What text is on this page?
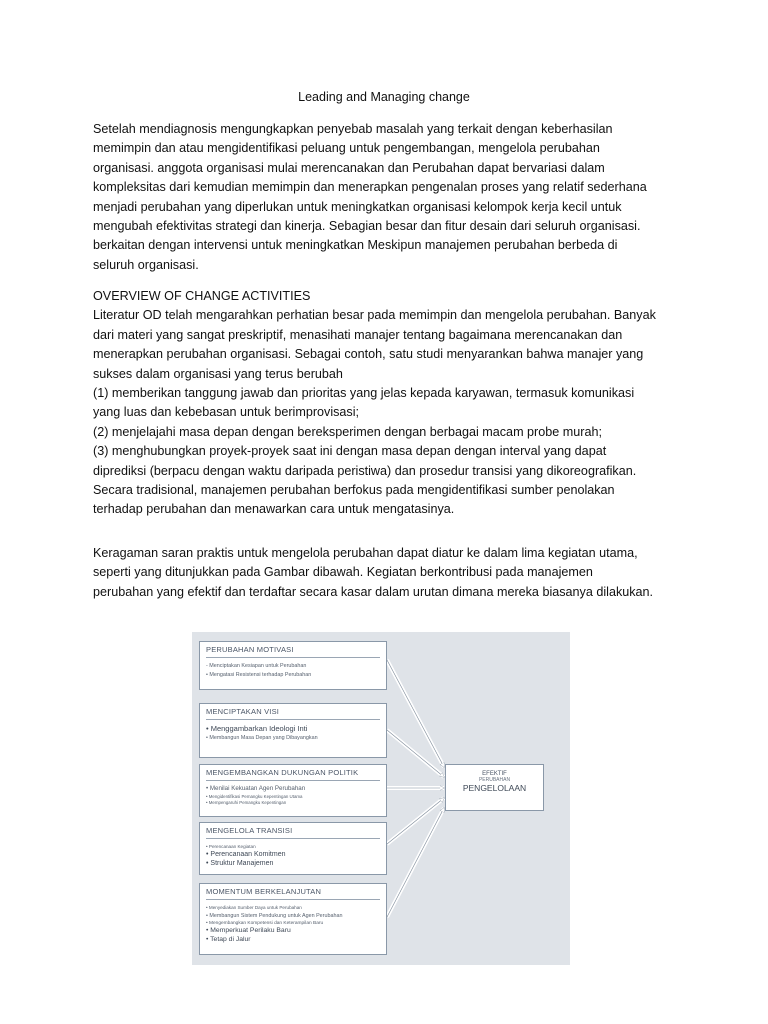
Leading and Managing change

Setelah mendiagnosis mengungkapkan penyebab masalah yang terkait dengan keberhasilan
memimpin dan atau mengidentifikasi peluang untuk pengembangan, mengelola perubahan
organisasi. anggota organisasi mulai merencanakan dan Perubahan dapat bervariasi dalam
kompleksitas dari kemudian memimpin dan menerapkan pengenalan proses yang relatif sederhana
menjadi perubahan yang diperlukan untuk meningkatkan organisasi kelompok kerja kecil untuk
mengubah efektivitas strategi dan kinerja. Sebagian besar dan fitur desain dari seluruh organisasi.
berkaitan dengan intervensi untuk meningkatkan Meskipun manajemen perubahan berbeda di
seluruh organisasi.

OVERVIEW OF CHANGE ACTIVITIES
Literatur OD telah mengarahkan perhatian besar pada memimpin dan mengelola perubahan. Banyak
dari materi yang sangat preskriptif, menasihati manajer tentang bagaimana merencanakan dan
menerapkan perubahan organisasi. Sebagai contoh, satu studi menyarankan bahwa manajer yang
sukses dalam organisasi yang terus berubah
(1) memberikan tanggung jawab dan prioritas yang jelas kepada karyawan, termasuk komunikasi
yang luas dan kebebasan untuk berimprovisasi;
(2) menjelajahi masa depan dengan bereksperimen dengan berbagai macam probe murah;
(3) menghubungkan proyek-proyek saat ini dengan masa depan dengan interval yang dapat
diprediksi (berpacu dengan waktu daripada peristiwa) dan prosedur transisi yang dikoreografikan.
Secara tradisional, manajemen perubahan berfokus pada mengidentifikasi sumber penolakan
terhadap perubahan dan menawarkan cara untuk mengatasinya.

Keragaman saran praktis untuk mengelola perubahan dapat diatur ke dalam lima kegiatan utama,
seperti yang ditunjukkan pada Gambar dibawah. Kegiatan berkontribusi pada manajemen
perubahan yang efektif dan terdaftar secara kasar dalam urutan dimana mereka biasanya dilakukan.

PERUBAHAN MOTIVASI
- Menciptakan Kesiapan untuk Perubahan
• Mengatasi Resistensi terhadap Perubahan
MENCIPTAKAN VISI
• Menggambarkan Ideologi Inti
• Membangun Masa Depan yang Dibayangkan
MENGEMBANGKAN DUKUNGAN POLITIK
• Menilai Kekuatan Agen Perubahan
• Mengidentifikasi Pemangku Kepentingan Utama
• Mempengaruhi Pemangku Kepentingan
MENGELOLA TRANSISI
• Perencanaan Kegiatan
• Perencanaan Komitmen
• Struktur Manajemen
MOMENTUM BERKELANJUTAN
• Menyediakan Sumber Daya untuk Perubahan
• Membangun Sistem Pendukung untuk Agen Perubahan
• Mengembangkan Kompetensi dan Keterampilan Baru
• Memperkuat Perilaku Baru
• Tetap di Jalur
EFEKTIF
PERUBAHAN
PENGELOLAAN
